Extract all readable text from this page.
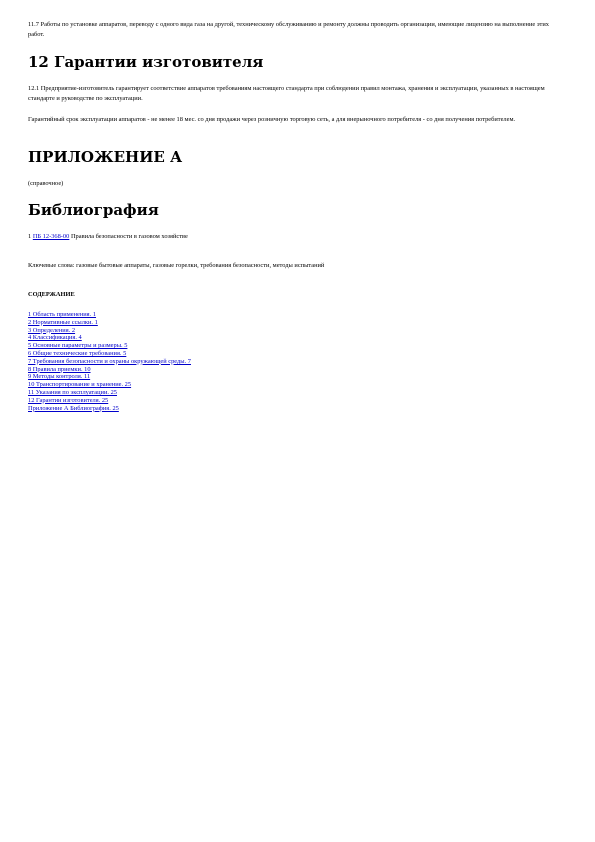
11.7 Работы по установке аппаратов, переводу с одного вида газа на другой, техническому обслуживанию и ремонту должны проводить организации, имеющие лицензию на выполнение этих работ.

12 Гарантии изготовителя

12.1 Предприятие-изготовитель гарантирует соответствие аппаратов требованиям настоящего стандарта при соблюдении правил монтажа, хранения и эксплуатации, указанных в настоящем стандарте и руководстве по эксплуатации.

Гарантийный срок эксплуатации аппаратов - не менее 18 мес. со дня продажи через розничную торговую сеть, а для внерыночного потребителя - со дня получения потребителем.

ПРИЛОЖЕНИЕ А

(справочное)

Библиография

1 ПБ 12-368-00 Правила безопасности в газовом хозяйстве

Ключевые слова: газовые бытовые аппараты, газовые горелки, требования безопасности, методы испытаний

СОДЕРЖАНИЕ
1 Область применения. 1
2 Нормативные ссылки. 1
3 Определения. 2
4 Классификация. 4
5 Основные параметры и размеры. 5
6 Общие технические требования. 5
7 Требования безопасности и охраны окружающей среды. 7
8 Правила приемки. 10
9 Методы контроля. 11
10 Транспортирование и хранение. 25
11 Указания по эксплуатации. 25
12 Гарантии изготовителя. 25
Приложение А Библиография. 25
